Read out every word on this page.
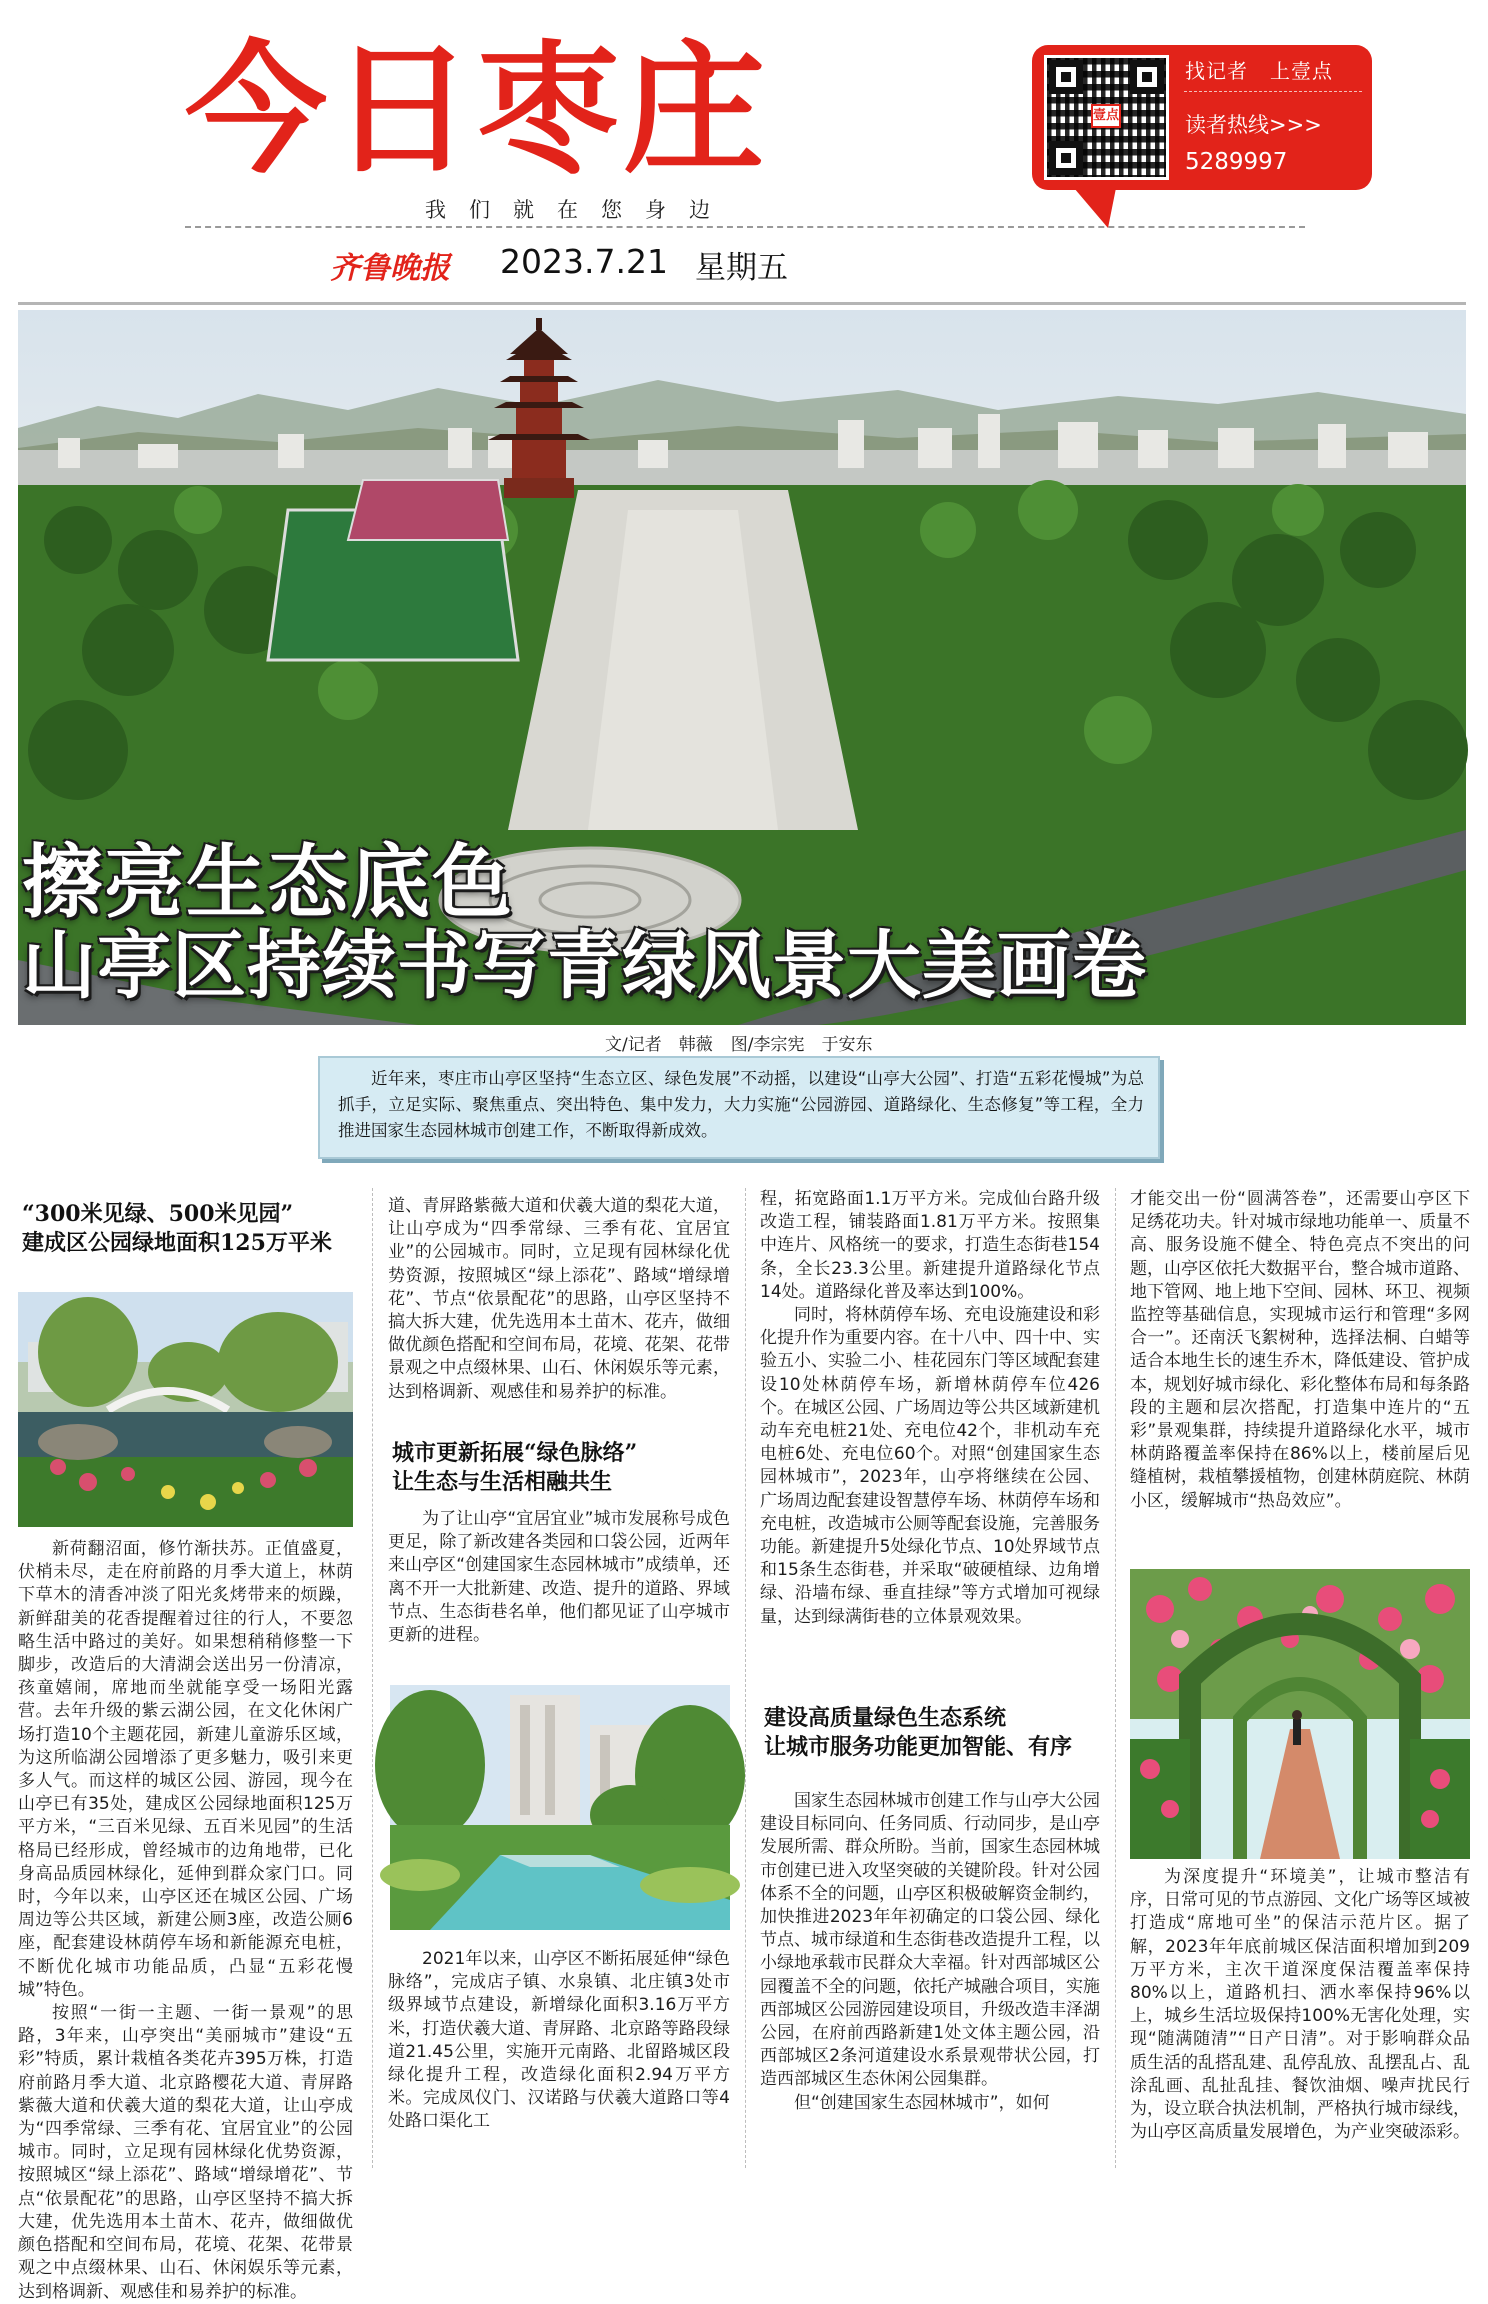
今日枣庄
我们就在您身边
齐鲁晚报 2023.7.21 星期五
壹点
找记者 上壹点
读者热线>>>
5289997
擦亮生态底色
山亭区持续书写青绿风景大美画卷
文/记者　韩薇 图/李宗宪　于安东
近年来，枣庄市山亭区坚持“生态立区、绿色发展”不动摇，以建设“山亭大公园”、打造“五彩花慢城”为总抓手，立足实际、聚焦重点、突出特色、集中发力，大力实施“公园游园、道路绿化、生态修复”等工程，全力推进国家生态园林城市创建工作，不断取得新成效。
“300米见绿、500米见园”
建成区公园绿地面积125万平米

新荷翻沼面，修竹渐扶苏。正值盛夏，伏梢未尽，走在府前路的月季大道上，林荫下草木的清香冲淡了阳光炙烤带来的烦躁，新鲜甜美的花香提醒着过往的行人，不要忽略生活中路过的美好。如果想稍稍修整一下脚步，改造后的大清湖会送出另一份清凉，孩童嬉闹，席地而坐就能享受一场阳光露营。去年升级的紫云湖公园，在文化休闲广场打造10个主题花园，新建儿童游乐区域，为这所临湖公园增添了更多魅力，吸引来更多人气。而这样的城区公园、游园，现今在山亭已有35处，建成区公园绿地面积125万平方米，“三百米见绿、五百米见园”的生活格局已经形成，曾经城市的边角地带，已化身高品质园林绿化，延伸到群众家门口。同时，今年以来，山亭区还在城区公园、广场周边等公共区域，新建公厕3座，改造公厕6座，配套建设林荫停车场和新能源充电桩，不断优化城市功能品质，凸显“五彩花慢城”特色。

按照“一街一主题、一街一景观”的思路，3年来，山亭突出“美丽城市”建设“五彩”特质，累计栽植各类花卉395万株，打造府前路月季大道、北京路樱花大道、青屏路紫薇大道和伏羲大道的梨花大道，让山亭成为“四季常绿、三季有花、宜居宜业”的公园城市。同时，立足现有园林绿化优势资源，按照城区“绿上添花”、路域“增绿增花”、节点“依景配花”的思路，山亭区坚持不搞大拆大建，优先选用本土苗木、花卉，做细做优颜色搭配和空间布局，花境、花架、花带景观之中点缀林果、山石、休闲娱乐等元素，达到格调新、观感佳和易养护的标准。

道、青屏路紫薇大道和伏羲大道的梨花大道，让山亭成为“四季常绿、三季有花、宜居宜业”的公园城市。同时，立足现有园林绿化优势资源，按照城区“绿上添花”、路域“增绿增花”、节点“依景配花”的思路，山亭区坚持不搞大拆大建，优先选用本土苗木、花卉，做细做优颜色搭配和空间布局，花境、花架、花带景观之中点缀林果、山石、休闲娱乐等元素，达到格调新、观感佳和易养护的标准。

城市更新拓展“绿色脉络”
让生态与生活相融共生

为了让山亭“宜居宜业”城市发展称号成色更足，除了新改建各类园和口袋公园，近两年来山亭区“创建国家生态园林城市”成绩单，还离不开一大批新建、改造、提升的道路、界域节点、生态街巷名单，他们都见证了山亭城市更新的进程。

2021年以来，山亭区不断拓展延伸“绿色脉络”，完成店子镇、水泉镇、北庄镇3处市级界域节点建设，新增绿化面积3.16万平方米，打造伏羲大道、青屏路、北京路等路段绿道21.45公里，实施开元南路、北留路城区段绿化提升工程，改造绿化面积2.94万平方米。完成凤仪门、汉诺路与伏羲大道路口等4处路口渠化工

程，拓宽路面1.1万平方米。完成仙台路升级改造工程，铺装路面1.81万平方米。按照集中连片、风格统一的要求，打造生态街巷154条，全长23.3公里。新建提升道路绿化节点14处。道路绿化普及率达到100%。

同时，将林荫停车场、充电设施建设和彩化提升作为重要内容。在十八中、四十中、实验五小、实验二小、桂花园东门等区域配套建设10处林荫停车场，新增林荫停车位426个。在城区公园、广场周边等公共区域新建机动车充电桩21处、充电位42个，非机动车充电桩6处、充电位60个。对照“创建国家生态园林城市”，2023年，山亭将继续在公园、广场周边配套建设智慧停车场、林荫停车场和充电桩，改造城市公厕等配套设施，完善服务功能。新建提升5处绿化节点、10处界域节点和15条生态街巷，并采取“破硬植绿、边角增绿、沿墙布绿、垂直挂绿”等方式增加可视绿量，达到绿满街巷的立体景观效果。

建设高质量绿色生态系统
让城市服务功能更加智能、有序

国家生态园林城市创建工作与山亭大公园建设目标同向、任务同质、行动同步，是山亭发展所需、群众所盼。当前，国家生态园林城市创建已进入攻坚突破的关键阶段。针对公园体系不全的问题，山亭区积极破解资金制约，加快推进2023年年初确定的口袋公园、绿化节点、城市绿道和生态街巷改造提升工程，以小绿地承载市民群众大幸福。针对西部城区公园覆盖不全的问题，依托产城融合项目，实施西部城区公园游园建设项目，升级改造丰泽湖公园，在府前西路新建1处文体主题公园，沿西部城区2条河道建设水系景观带状公园，打造西部城区生态休闲公园集群。

但“创建国家生态园林城市”，如何

才能交出一份“圆满答卷”，还需要山亭区下足绣花功夫。针对城市绿地功能单一、质量不高、服务设施不健全、特色亮点不突出的问题，山亭区依托大数据平台，整合城市道路、地下管网、地上地下空间、园林、环卫、视频监控等基础信息，实现城市运行和管理“多网合一”。还南沃飞絮树种，选择法桐、白蜡等适合本地生长的速生乔木，降低建设、管护成本，规划好城市绿化、彩化整体布局和每条路段的主题和层次搭配，打造集中连片的“五彩”景观集群，持续提升道路绿化水平，城市林荫路覆盖率保持在86%以上，楼前屋后见缝植树，栽植攀援植物，创建林荫庭院、林荫小区，缓解城市“热岛效应”。

为深度提升“环境美”，让城市整洁有序，日常可见的节点游园、文化广场等区域被打造成“席地可坐”的保洁示范片区。据了解，2023年年底前城区保洁面积增加到209万平方米，主次干道深度保洁覆盖率保持80%以上，道路机扫、洒水率保持96%以上，城乡生活垃圾保持100%无害化处理，实现“随满随清”“日产日清”。对于影响群众品质生活的乱搭乱建、乱停乱放、乱摆乱占、乱涂乱画、乱扯乱挂、餐饮油烟、噪声扰民行为，设立联合执法机制，严格执行城市绿线，为山亭区高质量发展增色，为产业突破添彩。
